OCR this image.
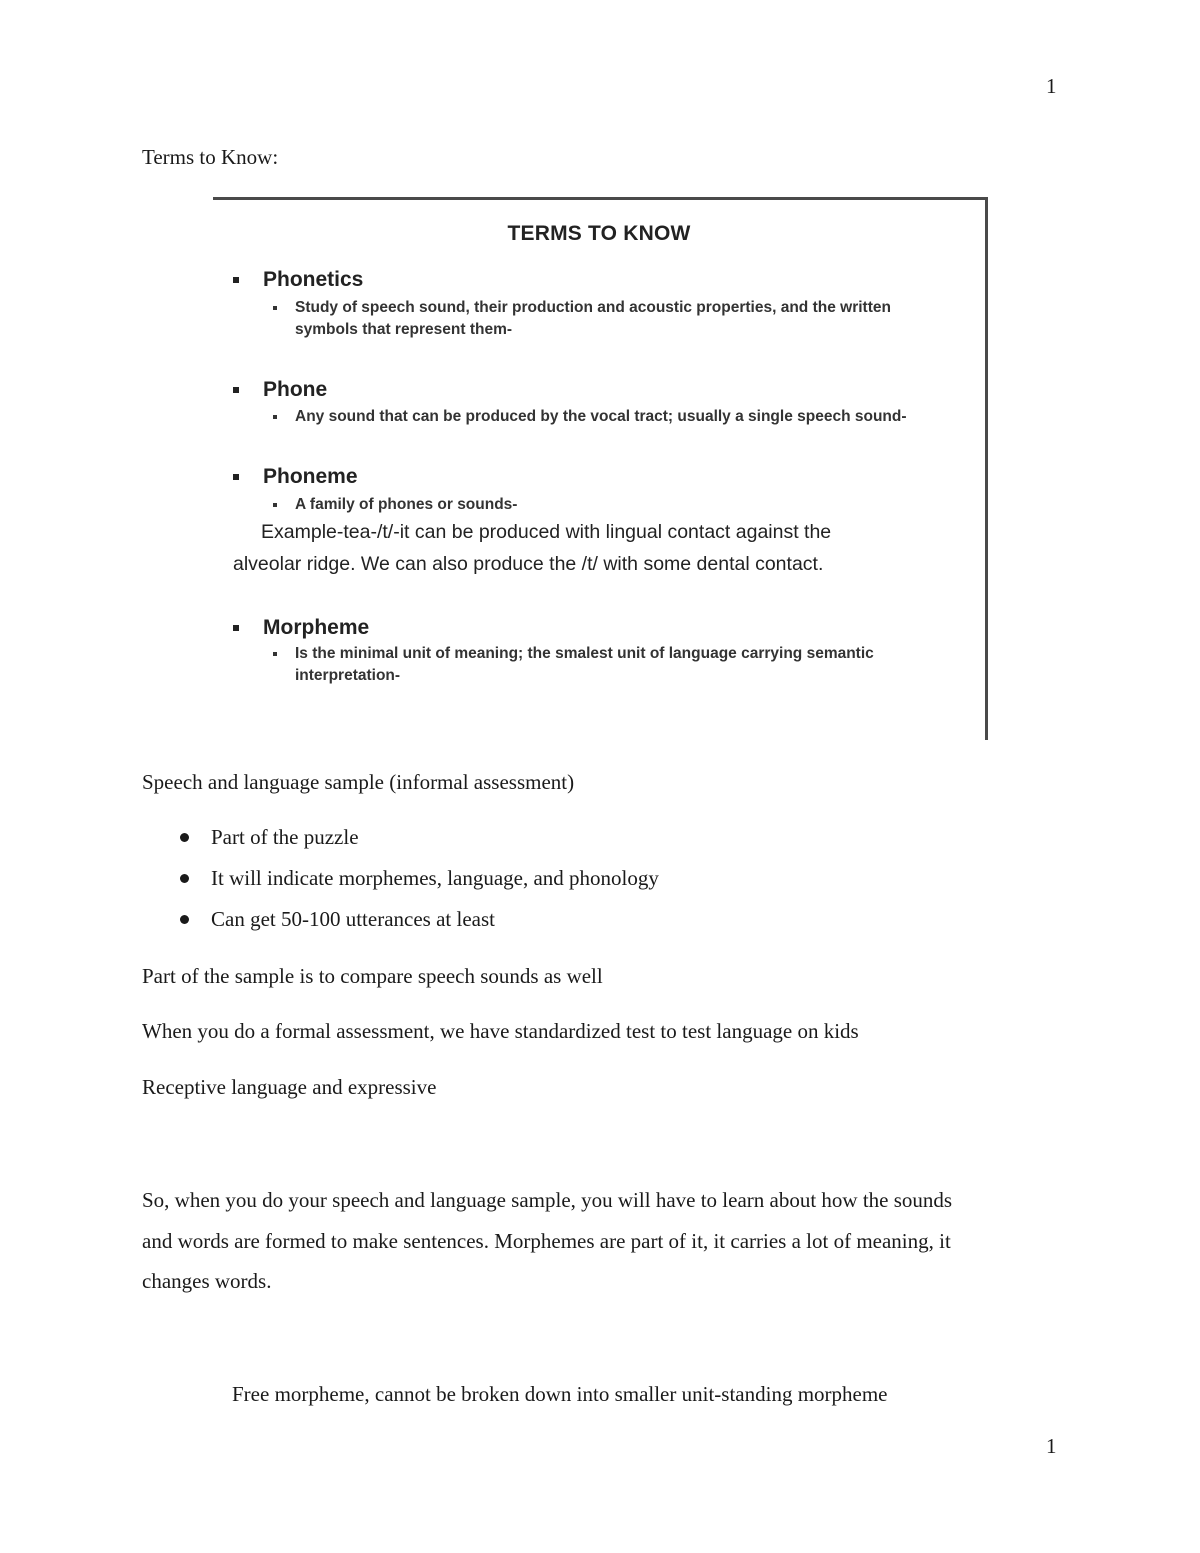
1
Terms to Know:
TERMS TO KNOW
Phonetics
Study of speech sound, their production and acoustic properties, and the written symbols that represent them-
Phone
Any sound that can be produced by the vocal tract; usually a single speech sound-
Phoneme
A family of phones or sounds-
Example-tea-/t/-it can be produced with lingual contact against the
alveolar ridge. We can also produce the /t/ with some dental contact.
Morpheme
Is the minimal unit of meaning; the smalest unit of language carrying semantic interpretation-
Speech and language sample (informal assessment)
Part of the puzzle
It will indicate morphemes, language, and phonology
Can get 50-100 utterances at least
Part of the sample is to compare speech sounds as well
When you do a formal assessment, we have standardized test to test language on kids
Receptive language and expressive
So, when you do your speech and language sample, you will have to learn about how the sounds
and words are formed to make sentences. Morphemes are part of it, it carries a lot of meaning, it
changes words.
Free morpheme, cannot be broken down into smaller unit-standing morpheme
1
